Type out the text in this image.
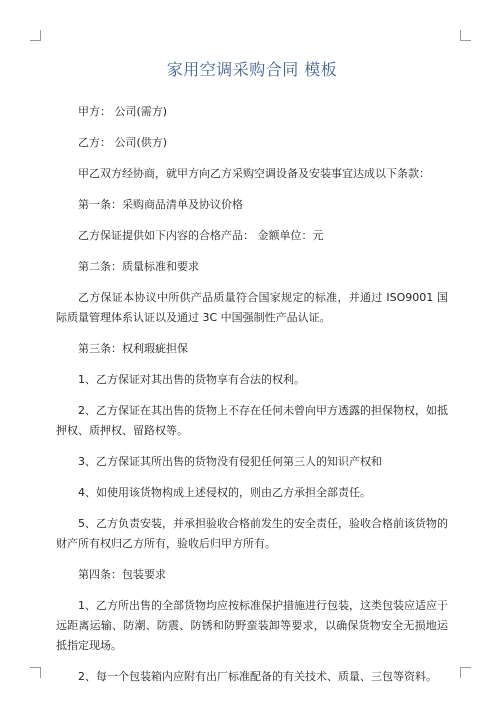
家用空调采购合同 模板

甲方： 公司(需方)

乙方： 公司(供方)

甲乙双方经协商，就甲方向乙方采购空调设备及安装事宜达成以下条款：

第一条：采购商品清单及协议价格

乙方保证提供如下内容的合格产品： 金额单位：元

第二条：质量标准和要求

乙方保证本协议中所供产品质量符合国家规定的标准，并通过 ISO9001 国际质量管理体系认证以及通过 3C 中国强制性产品认证。

第三条：权利瑕疵担保

1、乙方保证对其出售的货物享有合法的权利。

2、乙方保证在其出售的货物上不存在任何未曾向甲方透露的担保物权，如抵押权、质押权、留路权等。

3、乙方保证其所出售的货物没有侵犯任何第三人的知识产权和

4、如使用该货物构成上述侵权的，则由乙方承担全部责任。

5、乙方负责安装，并承担验收合格前发生的安全责任，验收合格前该货物的财产所有权归乙方所有，验收后归甲方所有。

第四条：包装要求

1、乙方所出售的全部货物均应按标准保护措施进行包装，这类包装应适应于远距离运输、防潮、防震、防锈和防野蛮装卸等要求，以确保货物安全无损地运抵指定现场。

2、每一个包装箱内应附有出厂标准配备的有关技术、质量、三包等资料。
